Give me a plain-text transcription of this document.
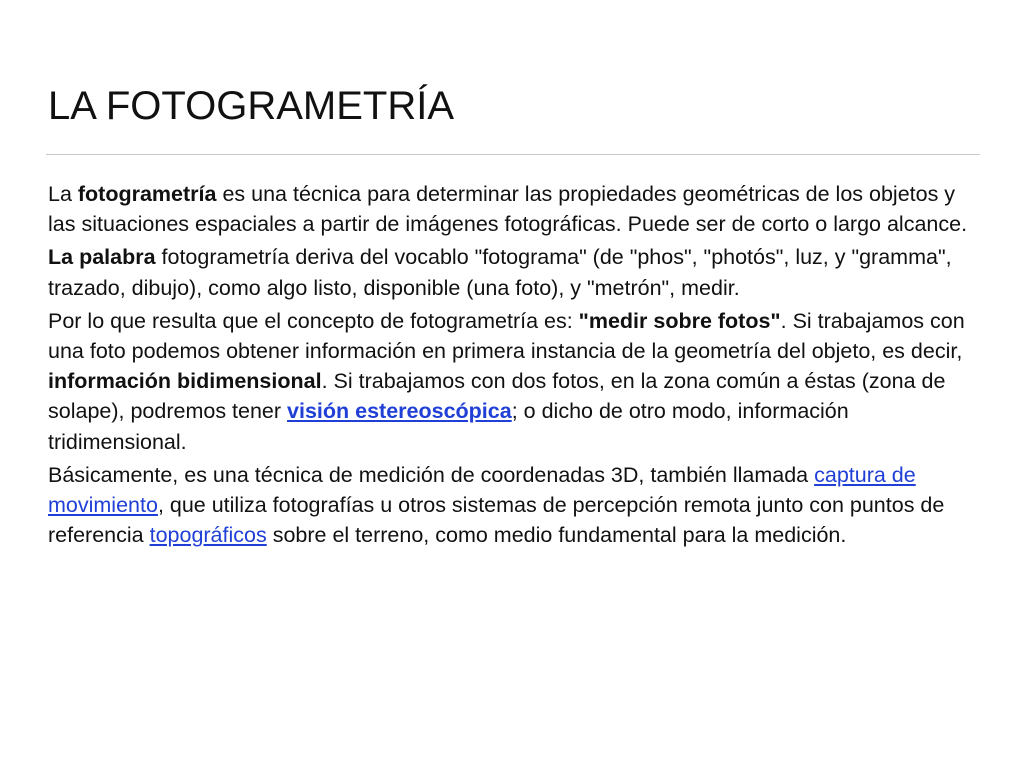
LA FOTOGRAMETRÍA

La fotogrametría es una técnica para determinar las propiedades geométricas de los objetos y las situaciones espaciales a partir de imágenes fotográficas. Puede ser de corto o largo alcance.

La palabra fotogrametría deriva del vocablo "fotograma" (de "phos", "photós", luz, y "gramma", trazado, dibujo), como algo listo, disponible (una foto), y "metrón", medir.

Por lo que resulta que el concepto de fotogrametría es: "medir sobre fotos". Si trabajamos con una foto podemos obtener información en primera instancia de la geometría del objeto, es decir, información bidimensional. Si trabajamos con dos fotos, en la zona común a éstas (zona de solape), podremos tener visión estereoscópica; o dicho de otro modo, información tridimensional.

Básicamente, es una técnica de medición de coordenadas 3D, también llamada captura de movimiento, que utiliza fotografías u otros sistemas de percepción remota junto con puntos de referencia topográficos sobre el terreno, como medio fundamental para la medición.
